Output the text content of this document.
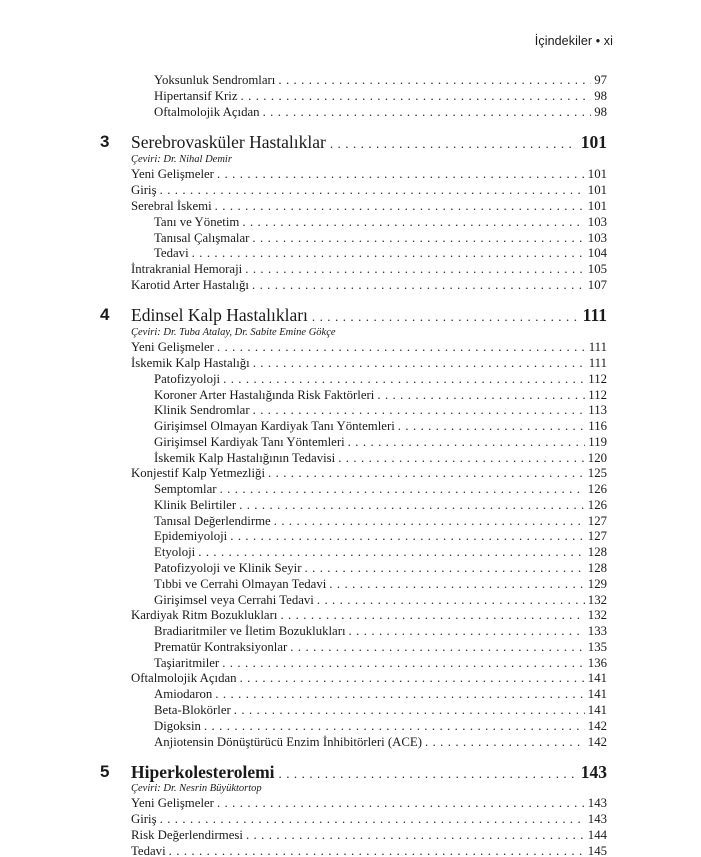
İçindekiler • xi
Yoksunluk Sendromları . . .	97
Hipertansif Kriz . . .	98
Oftalmolojik Açıdan . . .	98
3 Serebrovasküler Hastalıklar . . .	101
Çeviri: Dr. Nihal Demir
Yeni Gelişmeler . . .	101
Giriş . . .	101
Serebral İskemi . . .	101
Tanı ve Yönetim . . .	103
Tanısal Çalışmalar . . .	103
Tedavi . . .	104
İntrakranial Hemoraji . . .	105
Karotid Arter Hastalığı . . .	107
4 Edinsel Kalp Hastalıkları . . .	111
Çeviri: Dr. Tuba Atalay, Dr. Sabite Emine Gökçe
Yeni Gelişmeler . . .	111
İskemik Kalp Hastalığı . . .	111
Patofizyoloji . . .	112
Koroner Arter Hastalığında Risk Faktörleri . . .	112
Klinik Sendromlar . . .	113
Girişimsel Olmayan Kardiyak Tanı Yöntemleri . . .	116
Girişimsel Kardiyak Tanı Yöntemleri . . .	119
İskemik Kalp Hastalığının Tedavisi . . .	120
Konjestif Kalp Yetmezliği . . .	125
Semptomlar . . .	126
Klinik Belirtiler . . .	126
Tanısal Değerlendirme . . .	127
Epidemiyoloji . . .	127
Etyoloji . . .	128
Patofizyoloji ve Klinik Seyir . . .	128
Tıbbi ve Cerrahi Olmayan Tedavi . . .	129
Girişimsel veya Cerrahi Tedavi . . .	132
Kardiyak Ritm Bozuklukları . . .	132
Bradiaritmiler ve İletim Bozuklukları . . .	133
Prematür Kontraksiyonlar . . .	135
Taşiaritmiler . . .	136
Oftalmolojik Açıdan . . .	141
Amiodaron . . .	141
Beta-Blokörler . . .	141
Digoksin . . .	142
Anjiotensin Dönüştürücü Enzim İnhibitörleri (ACE) . . .	142
5 Hiperkolesterolemi . . .	143
Çeviri: Dr. Nesrin Büyüktortop
Yeni Gelişmeler . . .	143
Giriş . . .	143
Risk Değerlendirmesi . . .	144
Tedavi . . .	145
